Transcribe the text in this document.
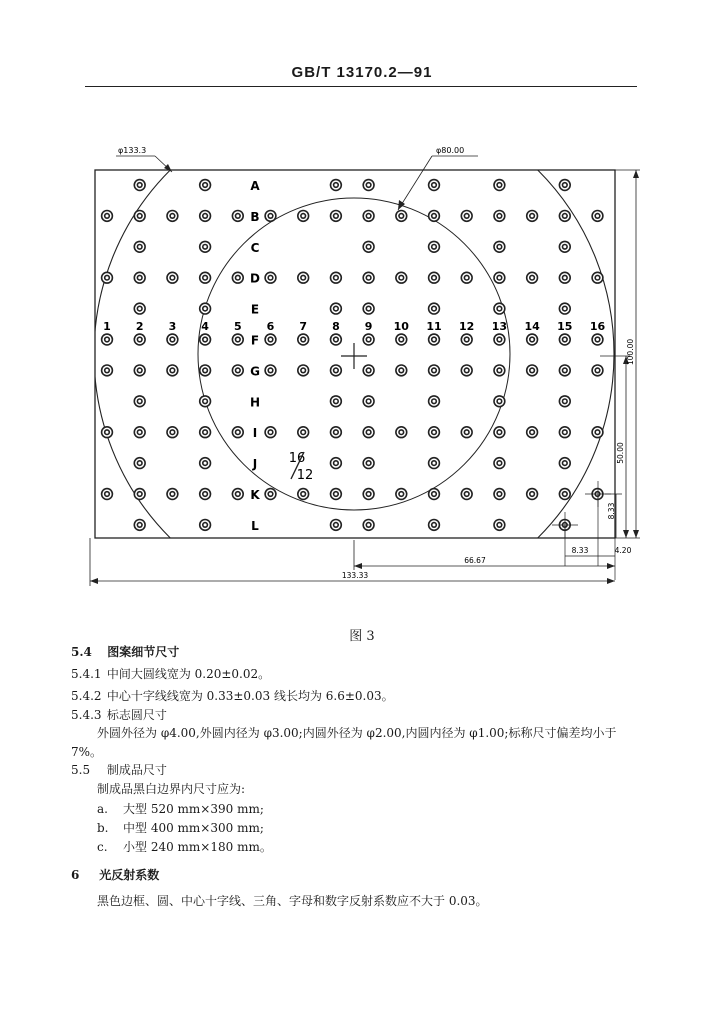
GB/T 13170.2—91
A
B
C
D
E
F
G
H
I
J
K
L
1 2 3 4 5 6 7 8 9 10 11 12 13 14 15 16
16
12
φ133.3	φ80.00
100.00
50.00
8.33
8.33	4.20
66.67
133.33
图 3
5.4 图案细节尺寸
5.4.1 中间大圆线宽为 0.20±0.02。
5.4.2 中心十字线线宽为 0.33±0.03 线长均为 6.6±0.03。
5.4.3 标志圆尺寸
外圆外径为 φ4.00,外圆内径为 φ3.00;内圆外径为 φ2.00,内圆内径为 φ1.00;标称尺寸偏差均小于
7%。
5.5 制成品尺寸
制成品黑白边界内尺寸应为:
a. 大型 520 mm×390 mm;
b. 中型 400 mm×300 mm;
c. 小型 240 mm×180 mm。
6 光反射系数
黑色边框、圆、中心十字线、三角、字母和数字反射系数应不大于 0.03。
